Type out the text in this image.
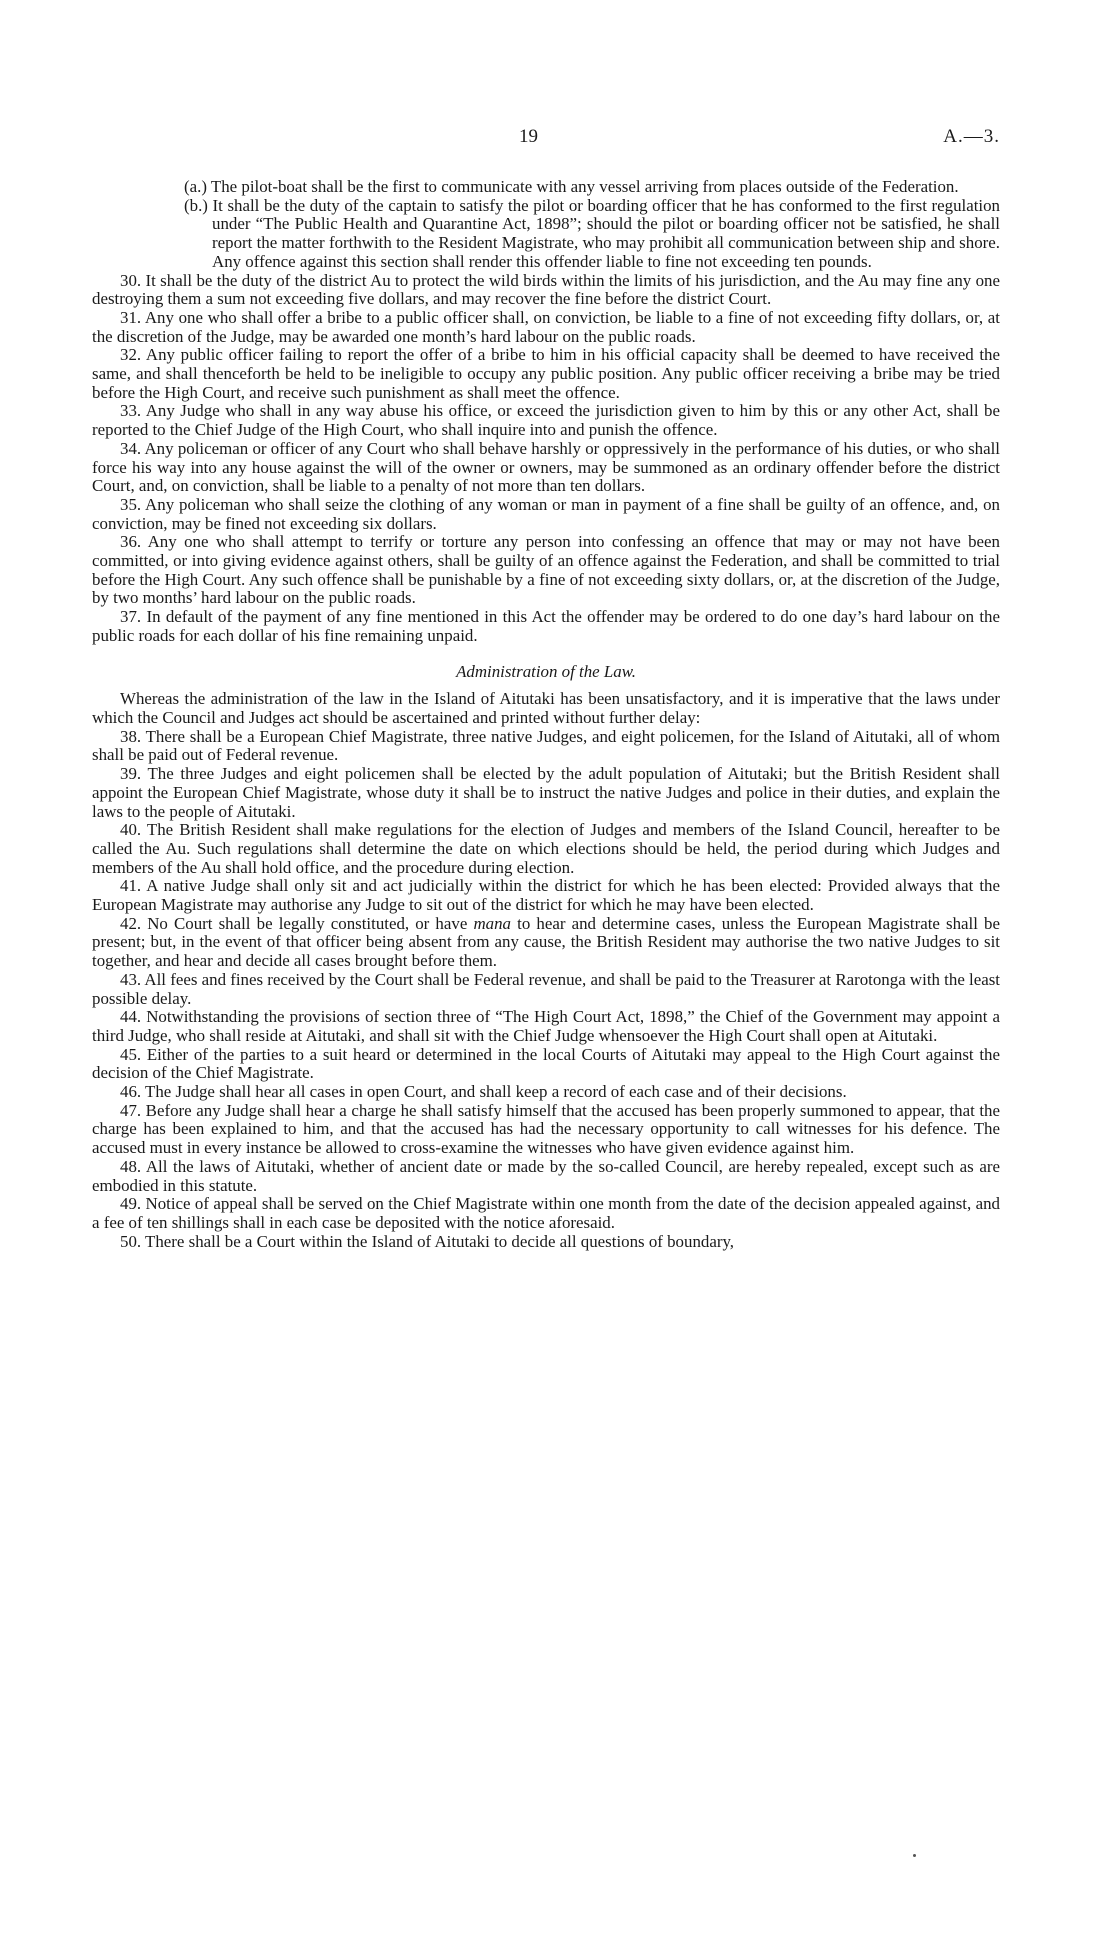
19	A.—3.

(a.) The pilot-boat shall be the first to communicate with any vessel arriving from places outside of the Federation.

(b.) It shall be the duty of the captain to satisfy the pilot or boarding officer that he has conformed to the first regulation under “The Public Health and Quarantine Act, 1898”; should the pilot or boarding officer not be satisfied, he shall report the matter forthwith to the Resident Magistrate, who may prohibit all communication between ship and shore. Any offence against this section shall render this offender liable to fine not exceeding ten pounds.

30. It shall be the duty of the district Au to protect the wild birds within the limits of his jurisdiction, and the Au may fine any one destroying them a sum not exceeding five dollars, and may recover the fine before the district Court.

31. Any one who shall offer a bribe to a public officer shall, on conviction, be liable to a fine of not exceeding fifty dollars, or, at the discretion of the Judge, may be awarded one month’s hard labour on the public roads.

32. Any public officer failing to report the offer of a bribe to him in his official capacity shall be deemed to have received the same, and shall thenceforth be held to be ineligible to occupy any public position. Any public officer receiving a bribe may be tried before the High Court, and receive such punishment as shall meet the offence.

33. Any Judge who shall in any way abuse his office, or exceed the jurisdiction given to him by this or any other Act, shall be reported to the Chief Judge of the High Court, who shall inquire into and punish the offence.

34. Any policeman or officer of any Court who shall behave harshly or oppressively in the performance of his duties, or who shall force his way into any house against the will of the owner or owners, may be summoned as an ordinary offender before the district Court, and, on conviction, shall be liable to a penalty of not more than ten dollars.

35. Any policeman who shall seize the clothing of any woman or man in payment of a fine shall be guilty of an offence, and, on conviction, may be fined not exceeding six dollars.

36. Any one who shall attempt to terrify or torture any person into confessing an offence that may or may not have been committed, or into giving evidence against others, shall be guilty of an offence against the Federation, and shall be committed to trial before the High Court. Any such offence shall be punishable by a fine of not exceeding sixty dollars, or, at the discretion of the Judge, by two months’ hard labour on the public roads.

37. In default of the payment of any fine mentioned in this Act the offender may be ordered to do one day’s hard labour on the public roads for each dollar of his fine remaining unpaid.

Administration of the Law.

Whereas the administration of the law in the Island of Aitutaki has been unsatisfactory, and it is imperative that the laws under which the Council and Judges act should be ascertained and printed without further delay:

38. There shall be a European Chief Magistrate, three native Judges, and eight policemen, for the Island of Aitutaki, all of whom shall be paid out of Federal revenue.

39. The three Judges and eight policemen shall be elected by the adult population of Aitutaki; but the British Resident shall appoint the European Chief Magistrate, whose duty it shall be to instruct the native Judges and police in their duties, and explain the laws to the people of Aitutaki.

40. The British Resident shall make regulations for the election of Judges and members of the Island Council, hereafter to be called the Au. Such regulations shall determine the date on which elections should be held, the period during which Judges and members of the Au shall hold office, and the procedure during election.

41. A native Judge shall only sit and act judicially within the district for which he has been elected: Provided always that the European Magistrate may authorise any Judge to sit out of the district for which he may have been elected.

42. No Court shall be legally constituted, or have mana to hear and determine cases, unless the European Magistrate shall be present; but, in the event of that officer being absent from any cause, the British Resident may authorise the two native Judges to sit together, and hear and decide all cases brought before them.

43. All fees and fines received by the Court shall be Federal revenue, and shall be paid to the Treasurer at Rarotonga with the least possible delay.

44. Notwithstanding the provisions of section three of “The High Court Act, 1898,” the Chief of the Government may appoint a third Judge, who shall reside at Aitutaki, and shall sit with the Chief Judge whensoever the High Court shall open at Aitutaki.

45. Either of the parties to a suit heard or determined in the local Courts of Aitutaki may appeal to the High Court against the decision of the Chief Magistrate.

46. The Judge shall hear all cases in open Court, and shall keep a record of each case and of their decisions.

47. Before any Judge shall hear a charge he shall satisfy himself that the accused has been properly summoned to appear, that the charge has been explained to him, and that the accused has had the necessary opportunity to call witnesses for his defence. The accused must in every instance be allowed to cross-examine the witnesses who have given evidence against him.

48. All the laws of Aitutaki, whether of ancient date or made by the so-called Council, are hereby repealed, except such as are embodied in this statute.

49. Notice of appeal shall be served on the Chief Magistrate within one month from the date of the decision appealed against, and a fee of ten shillings shall in each case be deposited with the notice aforesaid.

50. There shall be a Court within the Island of Aitutaki to decide all questions of boundary,
